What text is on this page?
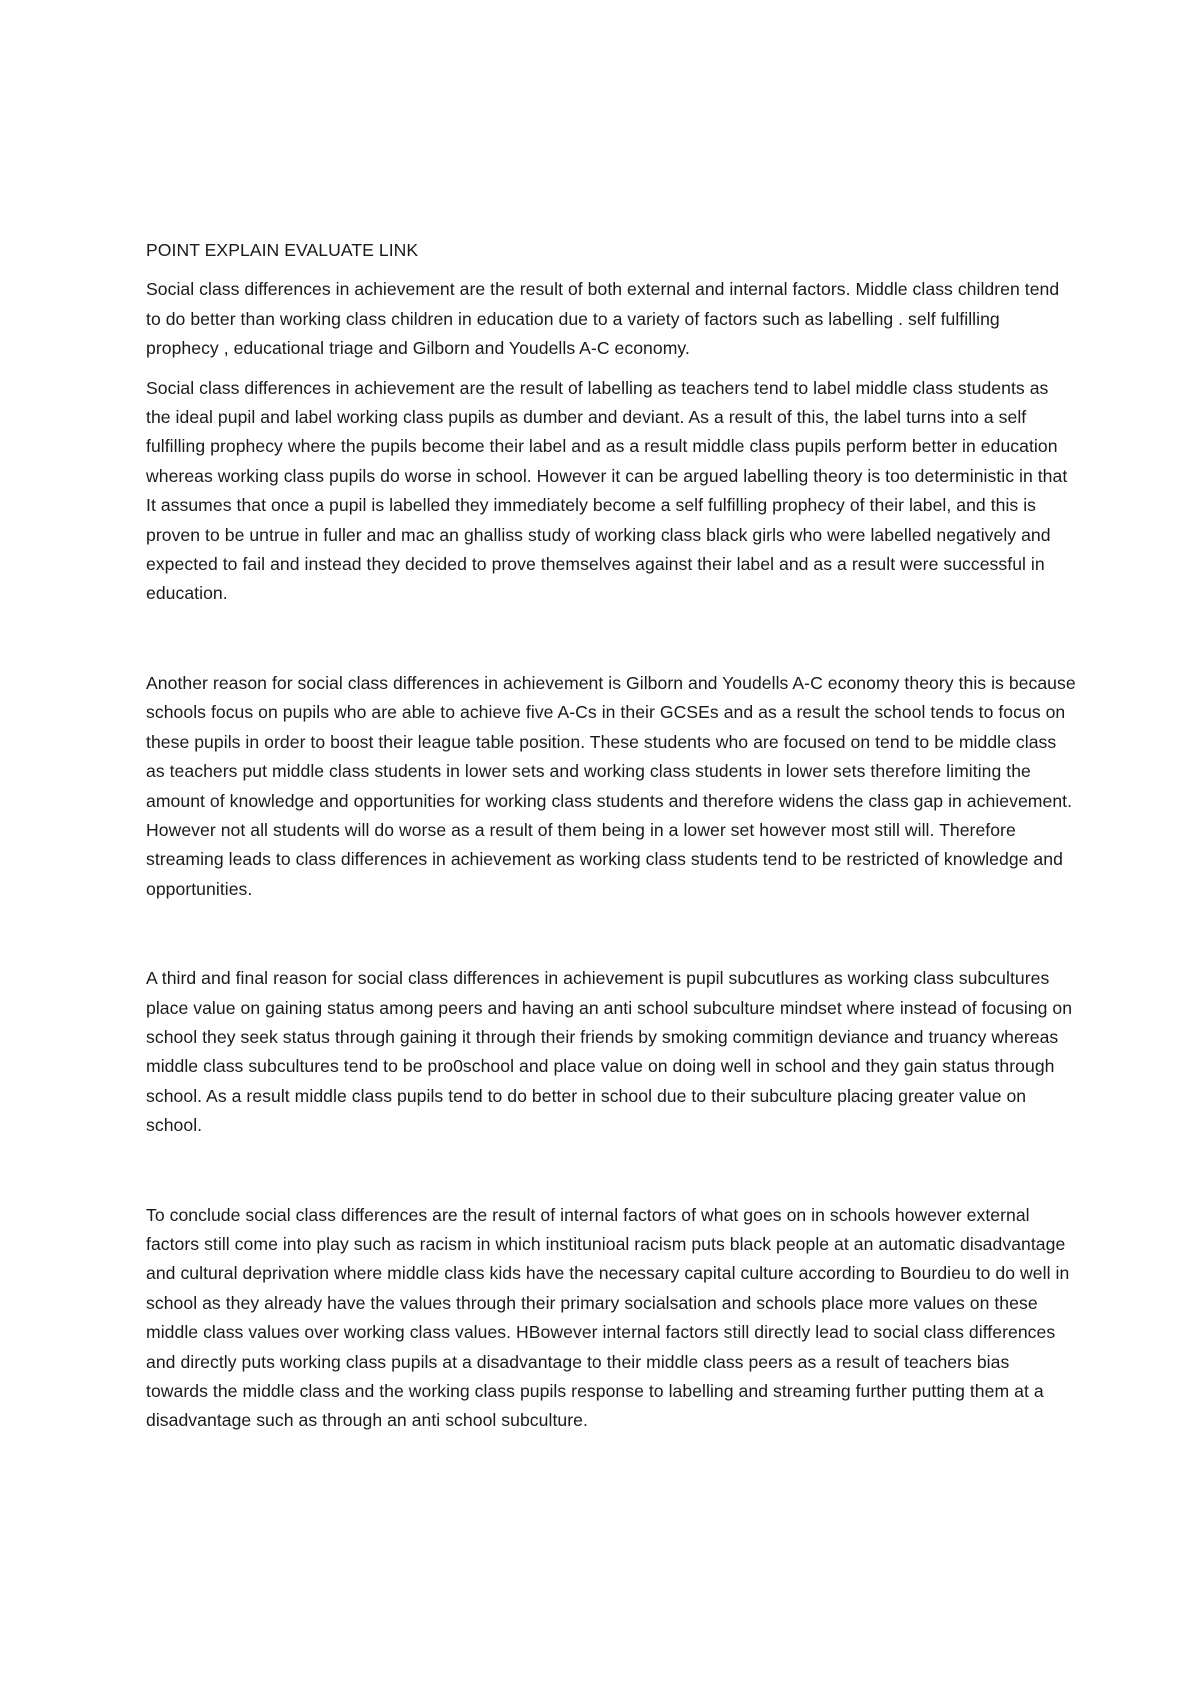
POINT EXPLAIN EVALUATE LINK

Social class differences in achievement are the result of both external and internal factors. Middle class children tend to do better than working class children in education due to a variety of factors such as labelling . self fulfilling prophecy , educational triage and Gilborn and Youdells A-C economy.

Social class differences in achievement are the result of labelling as teachers tend to label middle class students as the ideal pupil and label working class pupils as dumber and deviant. As a result of this, the label turns into a self fulfilling prophecy where the pupils become their label and as a result middle class pupils perform better in education whereas working class pupils do worse in school. However it can be argued labelling theory is too deterministic in that It assumes that once a pupil is labelled they immediately become a self fulfilling prophecy of their label, and this is proven to be untrue in fuller and mac an ghalliss study of working class black girls who were labelled negatively and expected to fail and instead they decided to prove themselves against their label and as a result were successful in education.

Another reason for social class differences in achievement is Gilborn and Youdells A-C economy theory this is because schools focus on pupils who are able to achieve five A-Cs in their GCSEs and as a result the school tends to focus on these pupils in order to boost their league table position. These students who are focused on tend to be middle class as teachers put middle class students in lower sets and working class students in lower sets therefore limiting the amount of knowledge and opportunities for working class students and therefore widens the class gap in achievement. However not all students will do worse as a result of them being in a lower set however most still will. Therefore streaming leads to class differences in achievement as working class students tend to be restricted of knowledge and opportunities.

A third and final reason for social class differences in achievement is pupil subcutlures as working class subcultures place value on gaining status among peers and having an anti school subculture mindset where instead of focusing on school they seek status through gaining it through their friends by smoking commitign deviance and truancy whereas middle class subcultures tend to be pro0school and place value on doing well in school and they gain status through school. As a result middle class pupils tend to do better in school due to their subculture placing greater value on school.

To conclude social class differences are the result of internal factors of what goes on in schools however external factors still come into play such as racism in which institunioal racism puts black people at an automatic disadvantage and cultural deprivation where middle class kids have the necessary capital culture according to Bourdieu to do well in school as they already have the values through their primary socialsation and schools place more values on these middle class values over working class values. HBowever internal factors still directly lead to social class differences and directly puts working class pupils at a disadvantage to their middle class peers as a result of teachers bias towards the middle class and the working class pupils response to labelling and streaming further putting them at a disadvantage such as through an anti school subculture.
